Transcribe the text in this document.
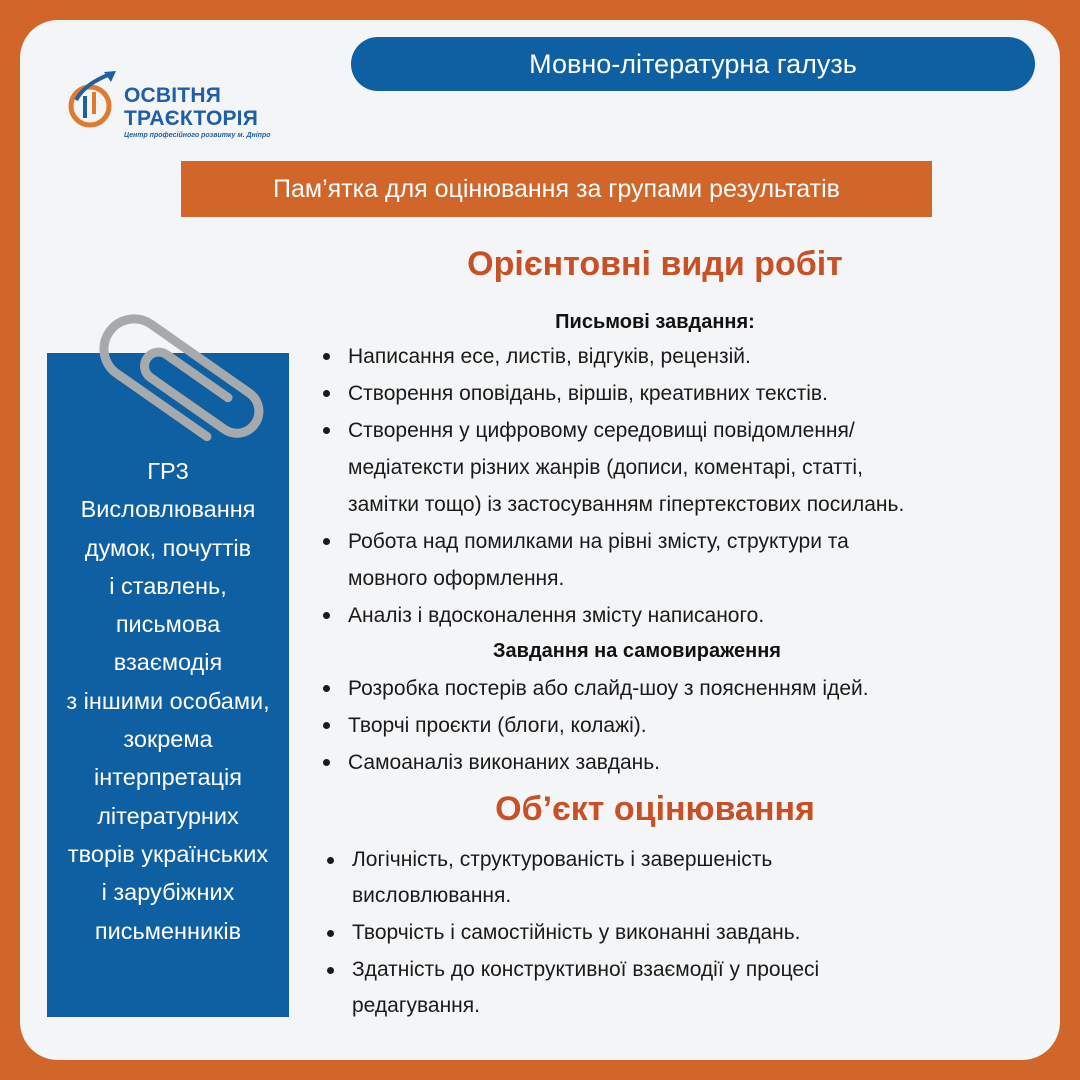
ОСВІТНЯ
ТРАЄКТОРІЯ
Центр професійного розвитку м. Дніпро
Мовно-літературна галузь
Пам’ятка для оцінювання за групами результатів
ГР3
Висловлювання
думок, почуттів
і ставлень,
письмова
взаємодія
з іншими особами,
зокрема
інтерпретація
літературних
творів українських
і зарубіжних
письменників
Орієнтовні види робіт
Письмові завдання:
Написання есе, листів, відгуків, рецензій.
Створення оповідань, віршів, креативних текстів.
Створення у цифровому середовищі повідомлення/
медіатексти різних жанрів (дописи, коментарі, статті,
замітки тощо) із застосуванням гіпертекстових посилань.
Робота над помилками на рівні змісту, структури та
мовного оформлення.
Аналіз і вдосконалення змісту написаного.
Завдання на самовираження
Розробка постерів або слайд-шоу з поясненням ідей.
Творчі проєкти (блоги, колажі).
Самоаналіз виконаних завдань.
Об’єкт оцінювання
Логічність, структурованість і завершеність висловлювання.
Творчість і самостійність у виконанні завдань.
Здатність до конструктивної взаємодії у процесі редагування.
